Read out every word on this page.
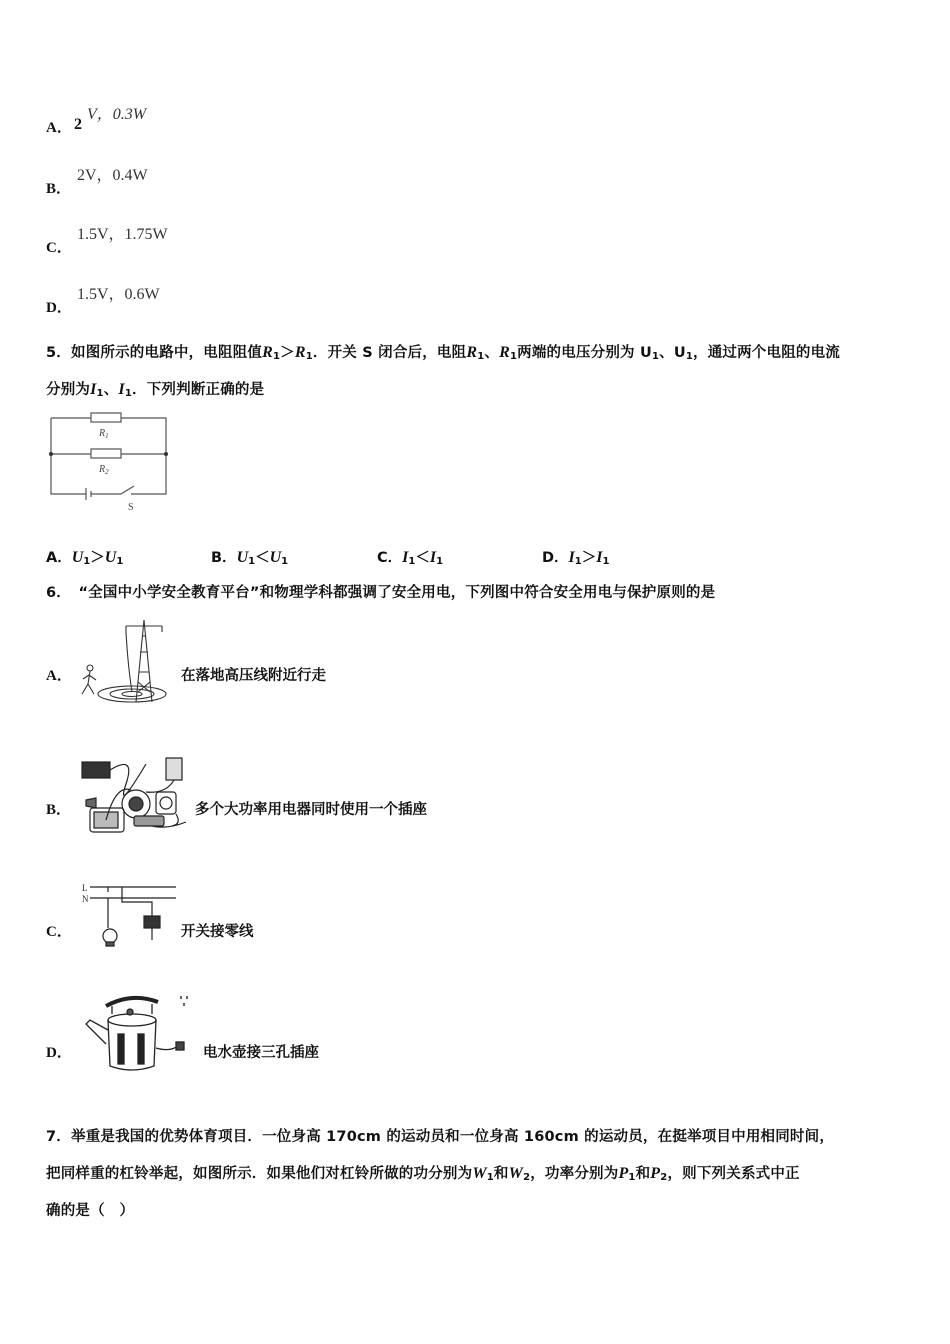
A． 2
V，0.3W
B．
2V，0.4W
C．
1.5V，1.75W
D．
1.5V，0.6W
5．如图所示的电路中，电阻阻值$R_1>R_1$．开关 S 闭合后，电阻$R_1$、$R_1$两端的电压分别为 $U_1$、$U_1$，通过两个电阻的电流
分别为$I_1$、$I_1$．下列判断正确的是
$R_1$
$R_2$
S
A．$U_1>U_1$	B．$U_1<U_1$	C．$I_1<I_1$	D．$I_1>I_1$
6．　“全国中小学安全教育平台”和物理学科都强调了安全用电，下列图中符合安全用电与保护原则的是
A．	在落地高压线附近行走
B．	多个大功率用电器同时使用一个插座
C．
L
N
开关接零线
D．	电水壶接三孔插座
7．举重是我国的优势体育项目．一位身高 170cm 的运动员和一位身高 160cm 的运动员，在挺举项目中用相同时间，
把同样重的杠铃举起，如图所示．如果他们对杠铃所做的功分别为$W_1$和$W_2$，功率分别为$P_1$和$P_2$，则下列关系式中正
确的是（　）
